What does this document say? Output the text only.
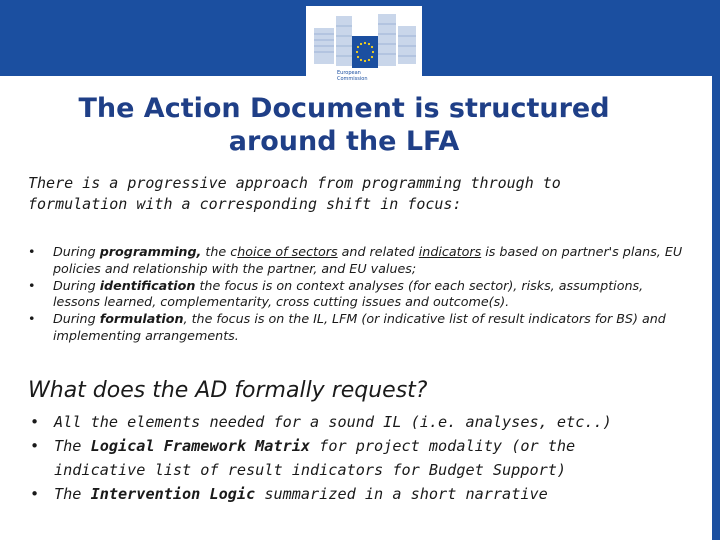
European
Commission
The Action Document is structured
around the LFA
There is a progressive approach from programming through to
formulation with a corresponding shift in focus:
• During programming, the choice of sectors and related indicators is based on partner's plans, EU policies and relationship with the partner, and EU values;
• During identification the focus is on context analyses (for each sector), risks, assumptions, lessons learned, complementarity, cross cutting issues and outcome(s).
• During formulation, the focus is on the IL, LFM (or indicative list of result indicators for BS) and implementing arrangements.
What does the AD formally request?
• All the elements needed for a sound IL (i.e. analyses, etc..)
• The Logical Framework Matrix for project modality (or the indicative list of result indicators for Budget Support)
• The Intervention Logic summarized in a short narrative
